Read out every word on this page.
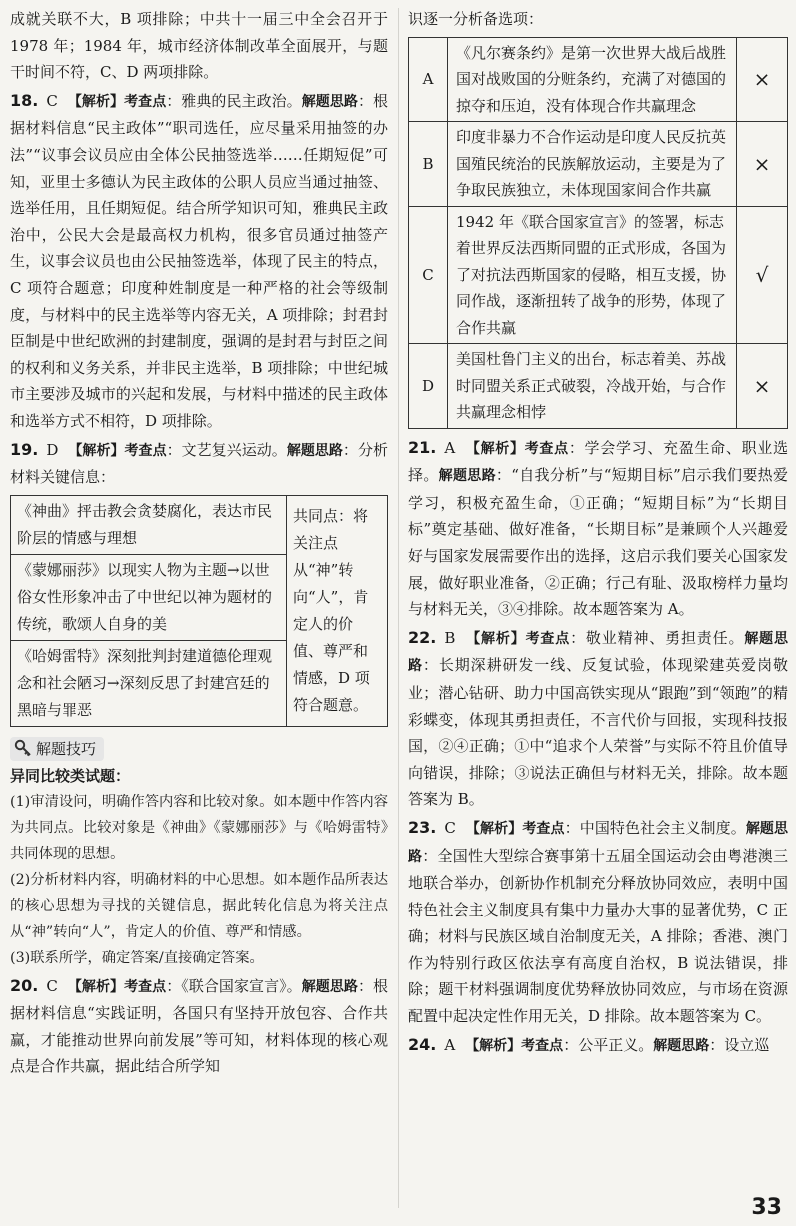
成就关联不大，B 项排除；中共十一届三中全会召开于 1978 年；1984 年，城市经济体制改革全面展开，与题干时间不符，C、D 两项排除。

18. C 【解析】考查点：雅典的民主政治。解题思路：根据材料信息“民主政体”“职司选任，应尽量采用抽签的办法”“议事会议员应由全体公民抽签选举……任期短促”可知，亚里士多德认为民主政体的公职人员应当通过抽签、选举任用，且任期短促。结合所学知识可知，雅典民主政治中，公民大会是最高权力机构，很多官员通过抽签产生，议事会议员也由公民抽签选举，体现了民主的特点，C 项符合题意；印度种姓制度是一种严格的社会等级制度，与材料中的民主选举等内容无关，A 项排除；封君封臣制是中世纪欧洲的封建制度，强调的是封君与封臣之间的权利和义务关系，并非民主选举，B 项排除；中世纪城市主要涉及城市的兴起和发展，与材料中描述的民主政体和选举方式不相符，D 项排除。

19. D 【解析】考查点：文艺复兴运动。解题思路：分析材料关键信息：

《神曲》抨击教会贪婪腐化，表达市民阶层的情感与理想	共同点：将关注点从“神”转向“人”，肯定人的价值、尊严和情感，D 项符合题意。
《蒙娜丽莎》以现实人物为主题→以世俗女性形象冲击了中世纪以神为题材的传统，歌颂人自身的美
《哈姆雷特》深刻批判封建道德伦理观念和社会陋习→深刻反思了封建宫廷的黑暗与罪恶
解题技巧
异同比较类试题：

(1)审清设问，明确作答内容和比较对象。如本题中作答内容为共同点。比较对象是《神曲》《蒙娜丽莎》与《哈姆雷特》共同体现的思想。

(2)分析材料内容，明确材料的中心思想。如本题作品所表达的核心思想为寻找的关键信息，据此转化信息为将关注点从“神”转向“人”，肯定人的价值、尊严和情感。

(3)联系所学，确定答案/直接确定答案。

20. C 【解析】考查点：《联合国家宣言》。解题思路：根据材料信息“实践证明，各国只有坚持开放包容、合作共赢，才能推动世界向前发展”等可知，材料体现的核心观点是合作共赢，据此结合所学知

识逐一分析备选项：

A	《凡尔赛条约》是第一次世界大战后战胜国对战败国的分赃条约，充满了对德国的掠夺和压迫，没有体现合作共赢理念	×
B	印度非暴力不合作运动是印度人民反抗英国殖民统治的民族解放运动，主要是为了争取民族独立，未体现国家间合作共赢	×
C	1942 年《联合国家宣言》的签署，标志着世界反法西斯同盟的正式形成，各国为了对抗法西斯国家的侵略，相互支援，协同作战，逐渐扭转了战争的形势，体现了合作共赢	√
D	美国杜鲁门主义的出台，标志着美、苏战时同盟关系正式破裂，冷战开始，与合作共赢理念相悖	×

21. A 【解析】考查点：学会学习、充盈生命、职业选择。解题思路：“自我分析”与“短期目标”启示我们要热爱学习，积极充盈生命，①正确；“短期目标”为“长期目标”奠定基础、做好准备，“长期目标”是兼顾个人兴趣爱好与国家发展需要作出的选择，这启示我们要关心国家发展，做好职业准备，②正确；行己有耻、汲取榜样力量均与材料无关，③④排除。故本题答案为 A。

22. B 【解析】考查点：敬业精神、勇担责任。解题思路：长期深耕研发一线、反复试验，体现梁建英爱岗敬业；潜心钻研、助力中国高铁实现从“跟跑”到“领跑”的精彩蝶变，体现其勇担责任，不言代价与回报，实现科技报国，②④正确；①中“追求个人荣誉”与实际不符且价值导向错误，排除；③说法正确但与材料无关，排除。故本题答案为 B。

23. C 【解析】考查点：中国特色社会主义制度。解题思路：全国性大型综合赛事第十五届全国运动会由粤港澳三地联合举办，创新协作机制充分释放协同效应，表明中国特色社会主义制度具有集中力量办大事的显著优势，C 正确；材料与民族区域自治制度无关，A 排除；香港、澳门作为特别行政区依法享有高度自治权，B 说法错误，排除；题干材料强调制度优势释放协同效应，与市场在资源配置中起决定性作用无关，D 排除。故本题答案为 C。

24. A 【解析】考查点：公平正义。解题思路：设立巡

33
